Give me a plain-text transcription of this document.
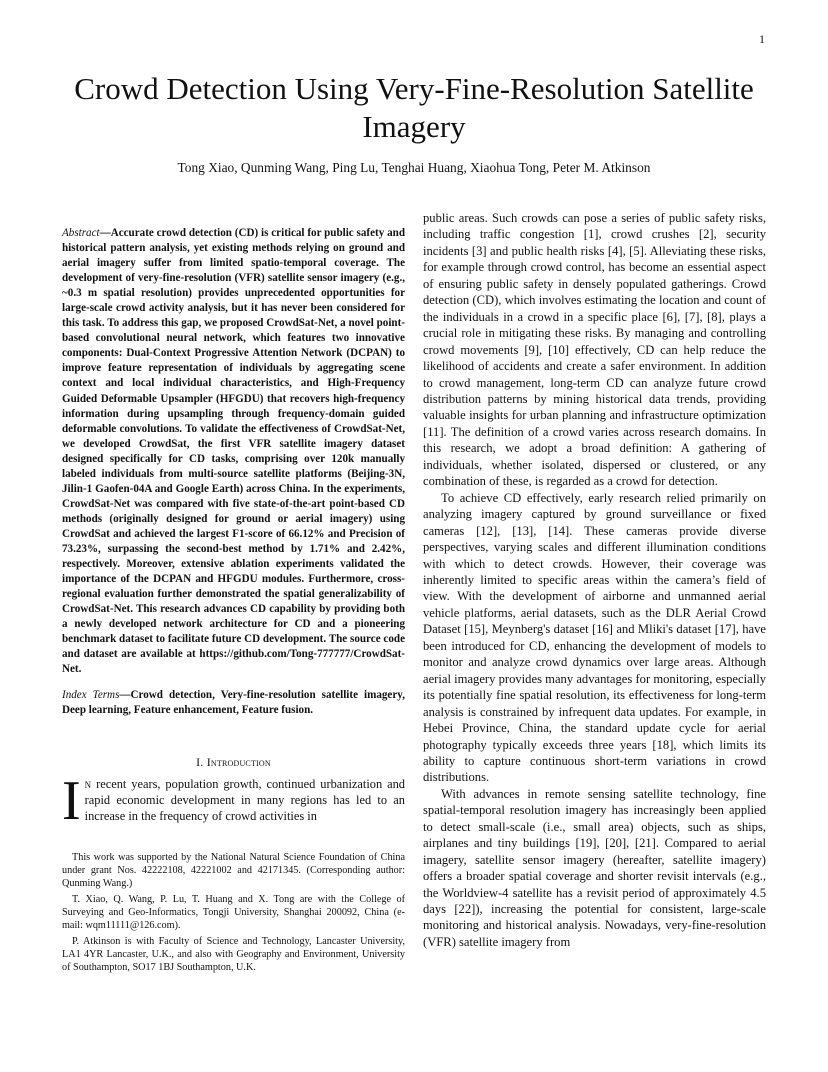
1
Crowd Detection Using Very-Fine-Resolution Satellite Imagery

Tong Xiao, Qunming Wang, Ping Lu, Tenghai Huang, Xiaohua Tong, Peter M. Atkinson

Abstract—Accurate crowd detection (CD) is critical for public safety and historical pattern analysis, yet existing methods relying on ground and aerial imagery suffer from limited spatio-temporal coverage. The development of very-fine-resolution (VFR) satellite sensor imagery (e.g., ~0.3 m spatial resolution) provides unprecedented opportunities for large-scale crowd activity analysis, but it has never been considered for this task. To address this gap, we proposed CrowdSat-Net, a novel point-based convolutional neural network, which features two innovative components: Dual-Context Progressive Attention Network (DCPAN) to improve feature representation of individuals by aggregating scene context and local individual characteristics, and High-Frequency Guided Deformable Upsampler (HFGDU) that recovers high-frequency information during upsampling through frequency-domain guided deformable convolutions. To validate the effectiveness of CrowdSat-Net, we developed CrowdSat, the first VFR satellite imagery dataset designed specifically for CD tasks, comprising over 120k manually labeled individuals from multi-source satellite platforms (Beijing-3N, Jilin-1 Gaofen-04A and Google Earth) across China. In the experiments, CrowdSat-Net was compared with five state-of-the-art point-based CD methods (originally designed for ground or aerial imagery) using CrowdSat and achieved the largest F1-score of 66.12% and Precision of 73.23%, surpassing the second-best method by 1.71% and 2.42%, respectively. Moreover, extensive ablation experiments validated the importance of the DCPAN and HFGDU modules. Furthermore, cross-regional evaluation further demonstrated the spatial generalizability of CrowdSat-Net. This research advances CD capability by providing both a newly developed network architecture for CD and a pioneering benchmark dataset to facilitate future CD development. The source code and dataset are available at https://github.com/Tong-777777/CrowdSat-Net.

Index Terms—Crowd detection, Very-fine-resolution satellite imagery, Deep learning, Feature enhancement, Feature fusion.

I. Introduction

In recent years, population growth, continued urbanization and rapid economic development in many regions has led to an increase in the frequency of crowd activities in

This work was supported by the National Natural Science Foundation of China under grant Nos. 42222108, 42221002 and 42171345. (Corresponding author: Qunming Wang.)

T. Xiao, Q. Wang, P. Lu, T. Huang and X. Tong are with the College of Surveying and Geo-Informatics, Tongji University, Shanghai 200092, China (e-mail: wqm11111@126.com).

P. Atkinson is with Faculty of Science and Technology, Lancaster University, LA1 4YR Lancaster, U.K., and also with Geography and Environment, University of Southampton, SO17 1BJ Southampton, U.K.

public areas. Such crowds can pose a series of public safety risks, including traffic congestion [1], crowd crushes [2], security incidents [3] and public health risks [4], [5]. Alleviating these risks, for example through crowd control, has become an essential aspect of ensuring public safety in densely populated gatherings. Crowd detection (CD), which involves estimating the location and count of the individuals in a crowd in a specific place [6], [7], [8], plays a crucial role in mitigating these risks. By managing and controlling crowd movements [9], [10] effectively, CD can help reduce the likelihood of accidents and create a safer environment. In addition to crowd management, long-term CD can analyze future crowd distribution patterns by mining historical data trends, providing valuable insights for urban planning and infrastructure optimization [11]. The definition of a crowd varies across research domains. In this research, we adopt a broad definition: A gathering of individuals, whether isolated, dispersed or clustered, or any combination of these, is regarded as a crowd for detection.

To achieve CD effectively, early research relied primarily on analyzing imagery captured by ground surveillance or fixed cameras [12], [13], [14]. These cameras provide diverse perspectives, varying scales and different illumination conditions with which to detect crowds. However, their coverage was inherently limited to specific areas within the camera’s field of view. With the development of airborne and unmanned aerial vehicle platforms, aerial datasets, such as the DLR Aerial Crowd Dataset [15], Meynberg's dataset [16] and Mliki's dataset [17], have been introduced for CD, enhancing the development of models to monitor and analyze crowd dynamics over large areas. Although aerial imagery provides many advantages for monitoring, especially its potentially fine spatial resolution, its effectiveness for long-term analysis is constrained by infrequent data updates. For example, in Hebei Province, China, the standard update cycle for aerial photography typically exceeds three years [18], which limits its ability to capture continuous short-term variations in crowd distributions.

With advances in remote sensing satellite technology, fine spatial-temporal resolution imagery has increasingly been applied to detect small-scale (i.e., small area) objects, such as ships, airplanes and tiny buildings [19], [20], [21]. Compared to aerial imagery, satellite sensor imagery (hereafter, satellite imagery) offers a broader spatial coverage and shorter revisit intervals (e.g., the Worldview-4 satellite has a revisit period of approximately 4.5 days [22]), increasing the potential for consistent, large-scale monitoring and historical analysis. Nowadays, very-fine-resolution (VFR) satellite imagery from
